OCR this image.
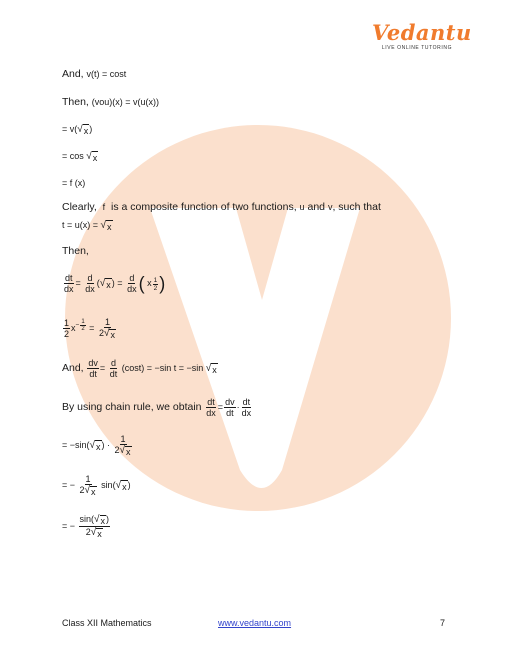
Vedantu
LIVE ONLINE TUTORING
And, v(t) = cost
Then, (vou)(x) = v(u(x))
= v( √ x )
= cos √ x
= f (x)
Clearly, f is a composite function of two functions, u and v, such that
t = u(x) = √ x
Then,
$\frac{dt}{dx} = \frac{d}{dx}$ ( √ x ) = $\frac{d}{dx}$ ( x $\frac{1}{2}$ )
$\frac{1}{2} x^{- \frac{1}{2}} = \frac{1}{2 √ x}$
And, $\frac{dv}{dt} = \frac{d}{dt} (\cos t) = -\sin$ t = −sin √ x
By using chain rule, we obtain $\frac{dt}{dx} = \frac{dv}{dt} \cdot \frac{dt}{dx}$
= −sin( √ x ) · $\frac{1}{2 √ x}$
= − $\frac{1}{2 √ x} \sin$( √ x )
= − $\frac{\sin( √ x )}{2 √ x}$
Class XII Mathematics	www.vedantu.com	7
